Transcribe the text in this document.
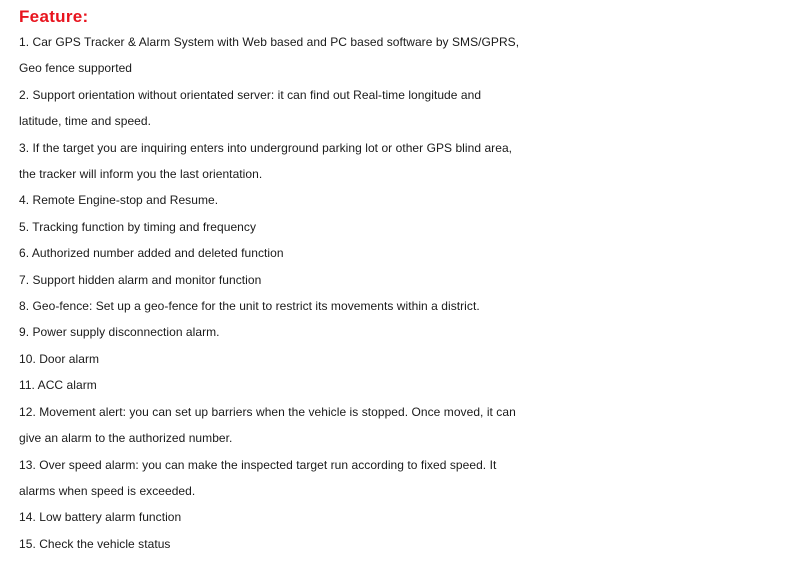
Feature:
1. Car GPS Tracker & Alarm System with Web based and PC based software by SMS/GPRS,
Geo fence supported
2. Support orientation without orientated server: it can find out Real-time longitude and
latitude, time and speed.
3. If the target you are inquiring enters into underground parking lot or other GPS blind area,
the tracker will inform you the last orientation.
4. Remote Engine-stop and Resume.
5. Tracking function by timing and frequency
6. Authorized number added and deleted function
7. Support hidden alarm and monitor function
8. Geo-fence: Set up a geo-fence for the unit to restrict its movements within a district.
9. Power supply disconnection alarm.
10. Door alarm
11. ACC alarm
12. Movement alert: you can set up barriers when the vehicle is stopped. Once moved, it can
give an alarm to the authorized number.
13. Over speed alarm: you can make the inspected target run according to fixed speed. It
alarms when speed is exceeded.
14. Low battery alarm function
15. Check the vehicle status
